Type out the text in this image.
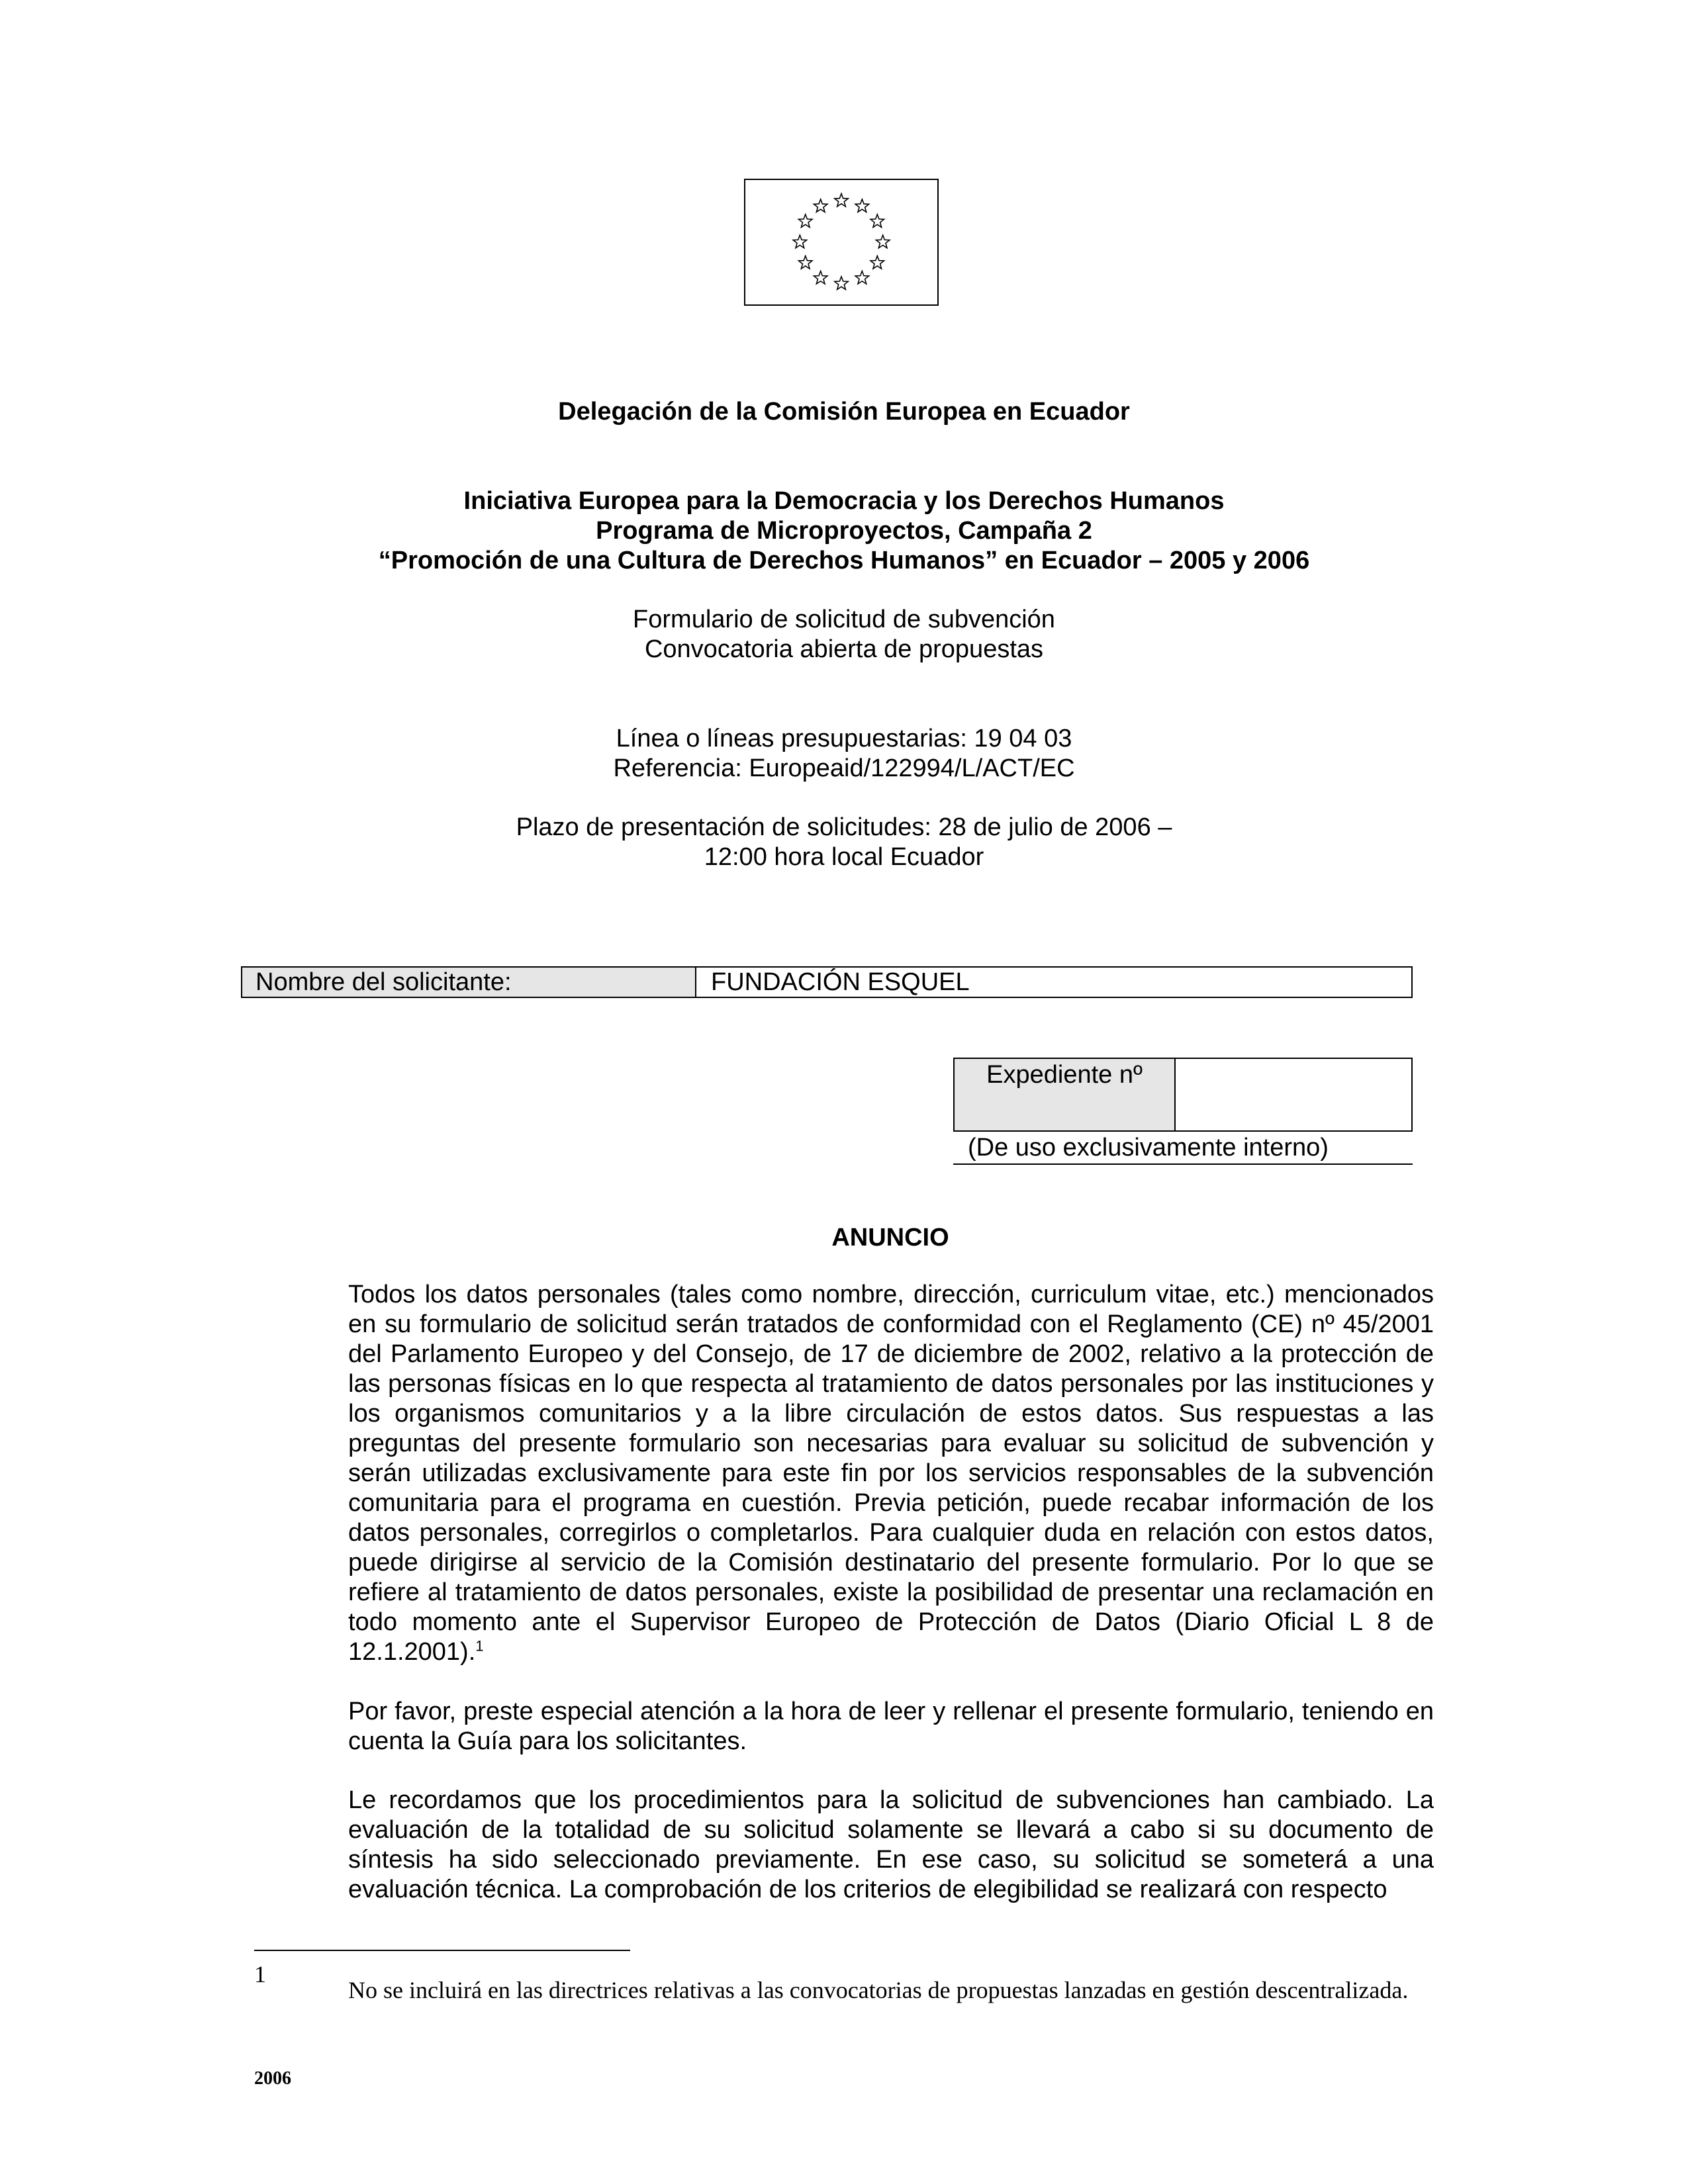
Delegación de la Comisión Europea en Ecuador
Iniciativa Europea para la Democracia y los Derechos Humanos
Programa de Microproyectos, Campaña 2
“Promoción de una Cultura de Derechos Humanos” en Ecuador – 2005 y 2006
Formulario de solicitud de subvención
Convocatoria abierta de propuestas
Línea o líneas presupuestarias: 19 04 03
Referencia: Europeaid/122994/L/ACT/EC
Plazo de presentación de solicitudes: 28 de julio de 2006 –
12:00 hora local Ecuador
Nombre del solicitante:	FUNDACIÓN ESQUEL
Expediente nº
(De uso exclusivamente interno)
ANUNCIO
Todos los datos personales (tales como nombre, dirección, curriculum vitae, etc.) mencionados en su formulario de solicitud serán tratados de conformidad con el Reglamento (CE) nº 45/2001 del Parlamento Europeo y del Consejo, de 17 de diciembre de 2002, relativo a la protección de las personas físicas en lo que respecta al tratamiento de datos personales por las instituciones y los organismos comunitarios y a la libre circulación de estos datos. Sus respuestas a las preguntas del presente formulario son necesarias para evaluar su solicitud de subvención y serán utilizadas exclusivamente para este fin por los servicios responsables de la subvención comunitaria para el programa en cuestión. Previa petición, puede recabar información de los datos personales, corregirlos o completarlos. Para cualquier duda en relación con estos datos, puede dirigirse al servicio de la Comisión destinatario del presente formulario. Por lo que se refiere al tratamiento de datos personales, existe la posibilidad de presentar una reclamación en todo momento ante el Supervisor Europeo de Protección de Datos (Diario Oficial L 8 de 12.1.2001).$^1$
Por favor, preste especial atención a la hora de leer y rellenar el presente formulario, teniendo en cuenta la Guía para los solicitantes.
Le recordamos que los procedimientos para la solicitud de subvenciones han cambiado. La evaluación de la totalidad de su solicitud solamente se llevará a cabo si su documento de síntesis ha sido seleccionado previamente. En ese caso, su solicitud se someterá a una evaluación técnica. La comprobación de los criterios de elegibilidad se realizará con respecto
1
No se incluirá en las directrices relativas a las convocatorias de propuestas lanzadas en gestión descentralizada.
2006
